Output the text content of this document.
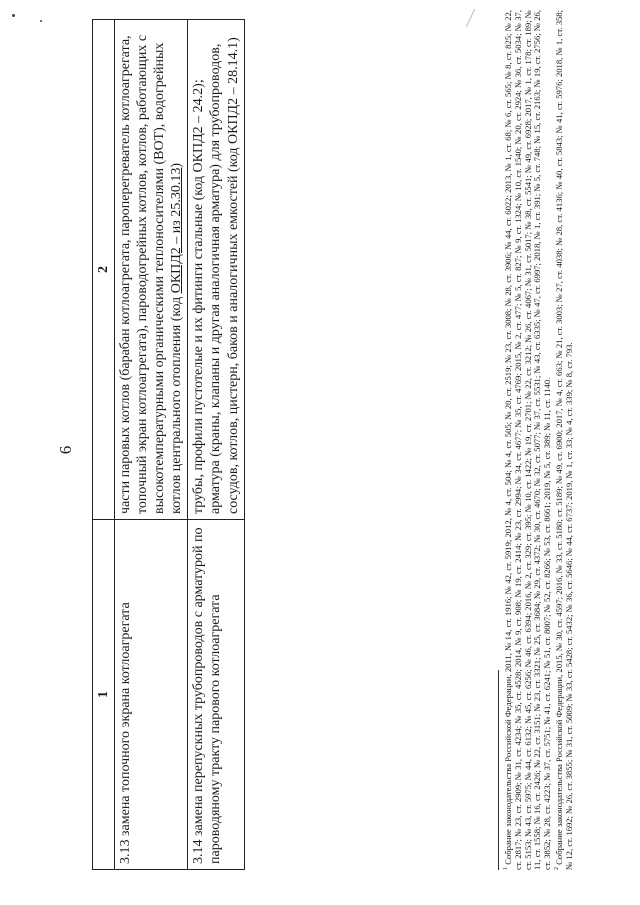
6
1	2
3.13 замена топочного экрана котлоагрегата	части паровых котлов (барабан котлоагрегата, пароперегреватель котлоагрегата, топочный экран котлоагрегата), пароводогрейных котлов, котлов, работающих с высокотемпературными органическими теплоносителями (ВОТ), водогрейных котлов центрального отопления (код ОКПД2 – из 25.30.13)
3.14 замена перепускных трубопроводов с арматурой по пароводяному тракту парового котлоагрегата	трубы, профили пустотелые и их фитинги стальные (код ОКПД2 – 24.2);
арматура (краны, клапаны и другая аналогичная арматура) для трубопроводов, сосудов, котлов, цистерн, баков и аналогичных емкостей (код ОКПД2 – 28.14.1)

$^1$ Собрание законодательства Российской Федерации, 2011, № 14, ст. 1916; № 42, ст. 5919; 2012, № 4, ст. 504; № 4, ст. 505; № 20, ст. 2519; № 23, ст. 3008; № 28, ст. 3906; № 44, ст. 6022; 2013, № 1, ст. 68; № 6, ст. 565; № 8, ст. 825; № 22, ст. 2817; № 23, ст. 2909; № 31, ст. 4234; № 35, ст. 4528; 2014, № 9, ст. 908; № 19, ст. 2414; № 23, ст. 2994; № 34, ст. 4677; № 35, ст. 4769; 2015, № 2, ст. 477; № 5, ст. 827; № 9, ст. 1324; № 10, ст. 1540; № 20, ст. 2924; № 36, ст. 5034; № 37, ст. 5153; № 43, ст. 5975; № 44, ст. 6132; № 45, ст. 6256; № 46, ст. 6394; 2016, № 2, ст. 329; ст. 395; № 10, ст. 1422; № 19, ст. 2701; № 22, ст. 3212; № 26, ст. 4067; № 31, ст. 5017; № 38, ст. 5541; № 49, ст. 6928; 2017, № 1, ст. 178; ст. 189; № 11, ст. 1558; № 16, ст. 2426; № 22, ст. 3151; № 23, ст. 3321; № 25, ст. 3684; № 29, ст. 4372; № 30, ст. 4670; № 32, ст. 5077; № 37, ст. 5531; № 43, ст. 6335; № 47, ст. 6997; 2018, № 1, ст. 391; № 5, ст. 748; № 15, ст. 2163; № 19, ст. 2756; № 26, ст. 3852; № 28, ст. 4223; № 37, ст. 5751; № 41, ст. 6241; № 51, ст. 8007; № 52, ст. 8266; № 53, ст. 8661; 2019, № 5, ст. 389; № 11, ст. 1140. $^2$ Собрание законодательства Российской Федерации, 2015, № 30, ст. 4597; 2016, № 33, ст. 5180; ст. 5189; № 49, ст. 6900; 2017, № 4, ст. 663; № 21, ст. 3003; № 27, ст. 4038; № 28, ст. 4136; № 40, ст. 5843; № 41, ст. 5976; 2018, № 1, ст. 358; № 12, ст. 1692; № 26, ст. 3855; № 31, ст. 5009; № 33, ст. 5428; ст. 5432; № 36, ст. 5646; № 44, ст. 6737; 2019, № 1, ст. 33; № 4, ст. 339; № 8, ст. 793.
